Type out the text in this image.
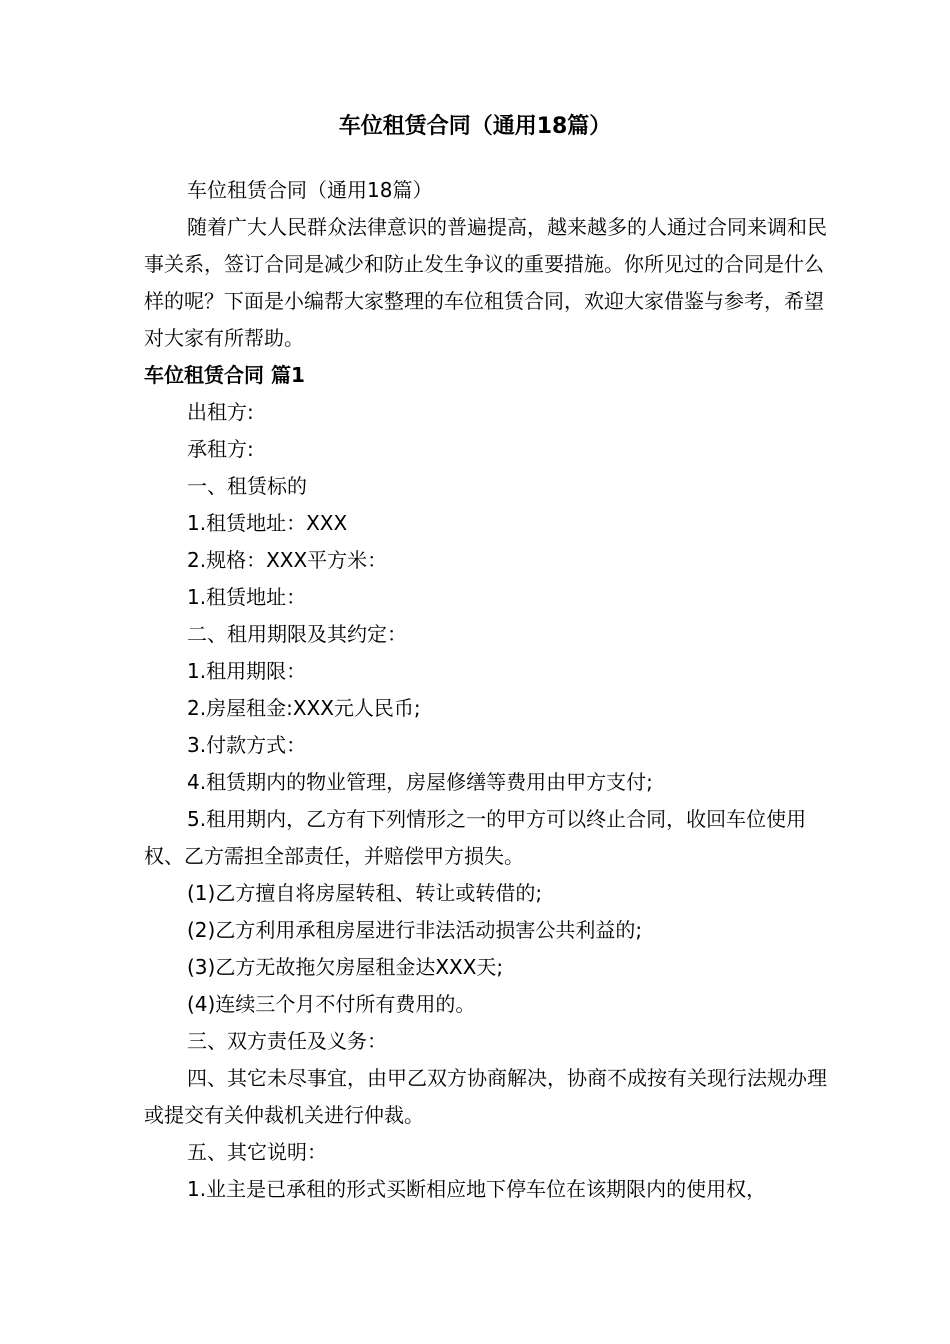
车位租赁合同（通用18篇）

车位租赁合同（通用18篇）

随着广大人民群众法律意识的普遍提高，越来越多的人通过合同来调和民事关系，签订合同是减少和防止发生争议的重要措施。你所见过的合同是什么样的呢？下面是小编帮大家整理的车位租赁合同，欢迎大家借鉴与参考，希望对大家有所帮助。

车位租赁合同 篇1

出租方:

承租方:

一、租赁标的

1.租赁地址：XXX

2.规格：XXX平方米：

1.租赁地址：

二、租用期限及其约定：

1.租用期限：

2.房屋租金:XXX元人民币;

3.付款方式：

4.租赁期内的物业管理，房屋修缮等费用由甲方支付;

5.租用期内，乙方有下列情形之一的甲方可以终止合同，收回车位使用权、乙方需担全部责任，并赔偿甲方损失。

(1)乙方擅自将房屋转租、转让或转借的;

(2)乙方利用承租房屋进行非法活动损害公共利益的;

(3)乙方无故拖欠房屋租金达XXX天;

(4)连续三个月不付所有费用的。

三、双方责任及义务：

四、其它未尽事宜，由甲乙双方协商解决，协商不成按有关现行法规办理或提交有关仲裁机关进行仲裁。

五、其它说明：

1.业主是已承租的形式买断相应地下停车位在该期限内的使用权，
